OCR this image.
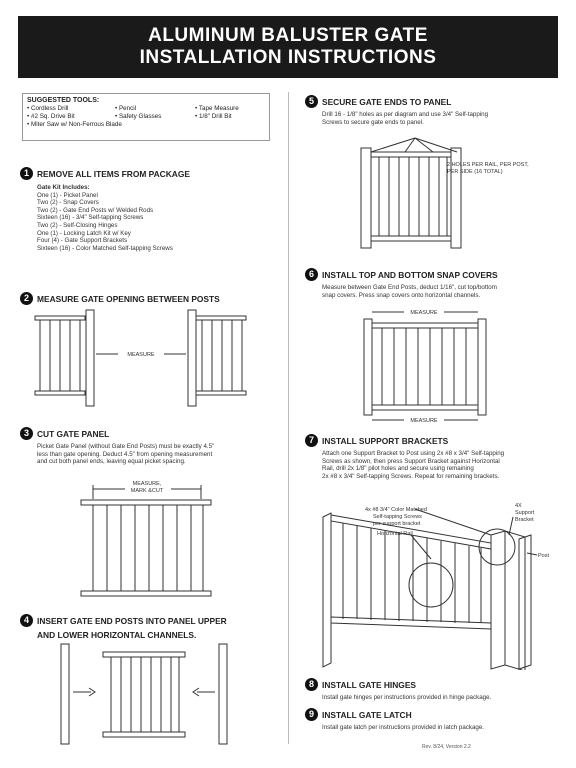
ALUMINUM BALUSTER GATE
INSTALLATION INSTRUCTIONS
SUGGESTED TOOLS:
• Cordless Drill	• Pencil	• Tape Measure
• #2 Sq. Drive Bit	• Safety Glasses	• 1/8" Drill Bit
• Miter Saw w/ Non-Ferrous Blade
1 REMOVE ALL ITEMS FROM PACKAGE
Gate Kit Includes:
One (1) - Picket Panel
Two (2) - Snap Covers
Two (2) - Gate End Posts w/ Welded Rods
Sixteen (16) - 3/4" Self-tapping Screws
Two (2) - Self-Closing Hinges
One (1) - Locking Latch Kit w/ Key
Four (4) - Gate Support Brackets
Sixteen (16) - Color Matched Self-tapping Screws
2 MEASURE GATE OPENING BETWEEN POSTS
MEASURE
3 CUT GATE PANEL
Picket Gate Panel (without Gate End Posts) must be exactly 4.5"
less than gate opening. Deduct 4.5" from opening measurement
and cut both panel ends, leaving equal picket spacing.
MEASURE,
MARK &CUT
4 INSERT GATE END POSTS INTO PANEL UPPER
AND LOWER HORIZONTAL CHANNELS.
5 SECURE GATE ENDS TO PANEL
Drill 16 - 1/8" holes as per diagram and use 3/4" Self-tapping
Screws to secure gate ends to panel.
2 HOLES PER RAIL, PER POST,
PER SIDE (16 TOTAL)
6 INSTALL TOP AND BOTTOM SNAP COVERS
Measure between Gate End Posts, deduct 1/16", cut top/bottom
snap covers. Press snap covers onto horizontal channels.
MEASURE
MEASURE
7 INSTALL SUPPORT BRACKETS
Attach one Support Bracket to Post using 2x #8 x 3/4" Self-tapping
Screws as shown, then press Support Bracket against Horizontal
Rail, drill 2x 1/8" pilot holes and secure using remaining
2x #8 x 3/4" Self-tapping Screws. Repeat for remaining brackets.
4x #8 3/4" Color Matched
Self-tapping Screws
per support bracket
Horizontal Rail
4X
Support
Bracket
Post
8 INSTALL GATE HINGES
Install gate hinges per instructions provided in hinge package.
9 INSTALL GATE LATCH
Install gate latch per instructions provided in latch package.
Rev. 8/24, Version 2.2
